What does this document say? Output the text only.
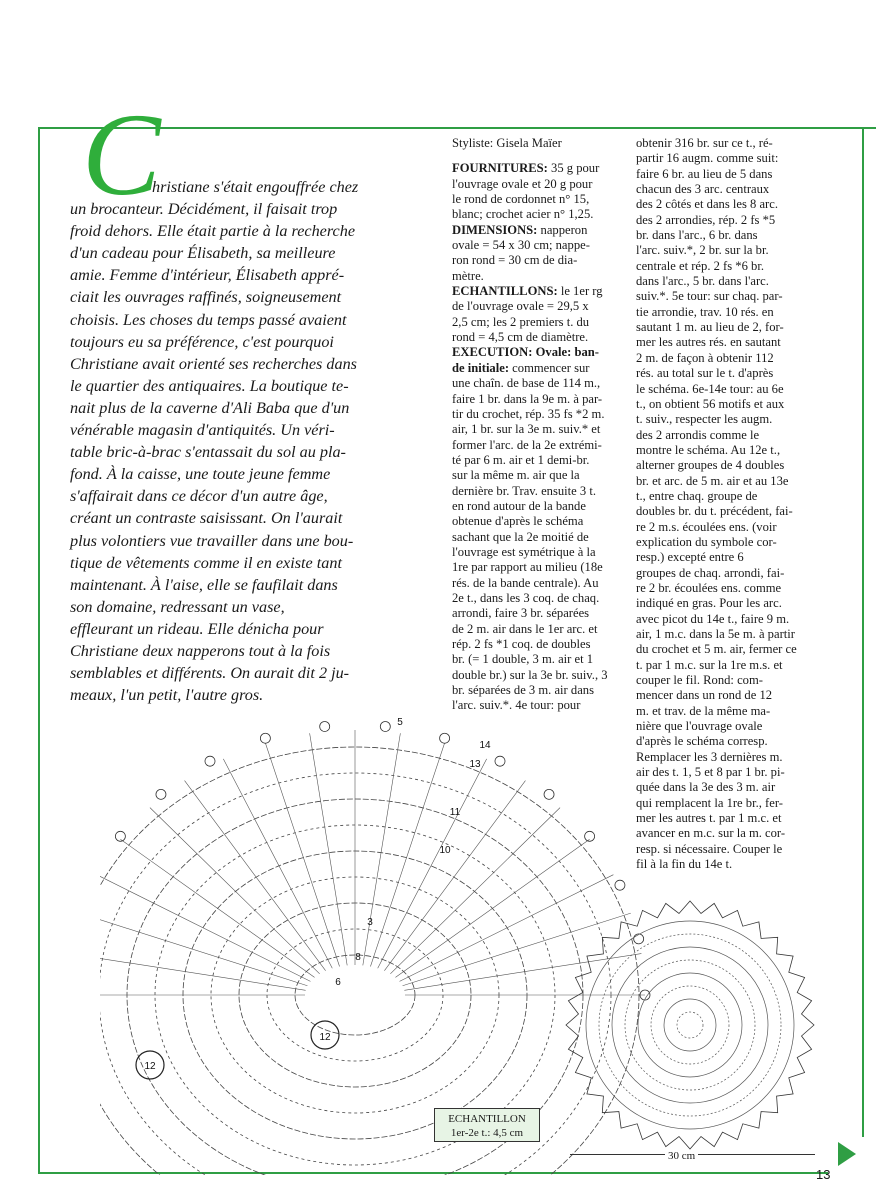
13
C
hristiane s'était engouffrée chez
un brocanteur. Décidément, il faisait trop
froid dehors. Elle était partie à la recherche
d'un cadeau pour Élisabeth, sa meilleure
amie. Femme d'intérieur, Élisabeth appré-
ciait les ouvrages raffinés, soigneusement
choisis. Les choses du temps passé avaient
toujours eu sa préférence, c'est pourquoi
Christiane avait orienté ses recherches dans
le quartier des antiquaires. La boutique te-
nait plus de la caverne d'Ali Baba que d'un
vénérable magasin d'antiquités. Un véri-
table bric-à-brac s'entassait du sol au pla-
fond. À la caisse, une toute jeune femme
s'affairait dans ce décor d'un autre âge,
créant un contraste saisissant. On l'aurait
plus volontiers vue travailler dans une bou-
tique de vêtements comme il en existe tant
maintenant. À l'aise, elle se faufilait dans
son domaine, redressant un vase,
effleurant un rideau. Elle dénicha pour
Christiane deux napperons tout à la fois
semblables et différents. On aurait dit 2 ju-
meaux, l'un petit, l'autre gros.

Styliste: Gisela Maïer

FOURNITURES: 35 g pour
l'ouvrage ovale et 20 g pour
le rond de cordonnet n° 15,
blanc; crochet acier n° 1,25.
DIMENSIONS: napperon
ovale = 54 x 30 cm; nappe-
ron rond = 30 cm de dia-
mètre.
ECHANTILLONS: le 1er rg
de l'ouvrage ovale = 29,5 x
2,5 cm; les 2 premiers t. du
rond = 4,5 cm de diamètre.
EXECUTION: Ovale: ban-
de initiale: commencer sur
une chaîn. de base de 114 m.,
faire 1 br. dans la 9e m. à par-
tir du crochet, rép. 35 fs *2 m.
air, 1 br. sur la 3e m. suiv.* et
former l'arc. de la 2e extrémi-
té par 6 m. air et 1 demi-br.
sur la même m. air que la
dernière br. Trav. ensuite 3 t.
en rond autour de la bande
obtenue d'après le schéma
sachant que la 2e moitié de
l'ouvrage est symétrique à la
1re par rapport au milieu (18e
rés. de la bande centrale). Au
2e t., dans les 3 coq. de chaq.
arrondi, faire 3 br. séparées
de 2 m. air dans le 1er arc. et
rép. 2 fs *1 coq. de doubles
br. (= 1 double, 3 m. air et 1
double br.) sur la 3e br. suiv., 3
br. séparées de 3 m. air dans
l'arc. suiv.*. 4e tour: pour
obtenir 316 br. sur ce t., ré-
partir 16 augm. comme suit:
faire 6 br. au lieu de 5 dans
chacun des 3 arc. centraux
des 2 côtés et dans les 8 arc.
des 2 arrondies, rép. 2 fs *5
br. dans l'arc., 6 br. dans
l'arc. suiv.*, 2 br. sur la br.
centrale et rép. 2 fs *6 br.
dans l'arc., 5 br. dans l'arc.
suiv.*. 5e tour: sur chaq. par-
tie arrondie, trav. 10 rés. en
sautant 1 m. au lieu de 2, for-
mer les autres rés. en sautant
2 m. de façon à obtenir 112
rés. au total sur le t. d'après
le schéma. 6e-14e tour: au 6e
t., on obtient 56 motifs et aux
t. suiv., respecter les augm.
des 2 arrondis comme le
montre le schéma. Au 12e t.,
alterner groupes de 4 doubles
br. et arc. de 5 m. air et au 13e
t., entre chaq. groupe de
doubles br. du t. précédent, fai-
re 2 m.s. écoulées ens. (voir
explication du symbole cor-
resp.) excepté entre 6
groupes de chaq. arrondi, fai-
re 2 br. écoulées ens. comme
indiqué en gras. Pour les arc.
avec picot du 14e t., faire 9 m.
air, 1 m.c. dans la 5e m. à partir
du crochet et 5 m. air, fermer ce
t. par 1 m.c. sur la 1re m.s. et
couper le fil. Rond: com-
mencer dans un rond de 12
m. et trav. de la même ma-
nière que l'ouvrage ovale
d'après le schéma corresp.
Remplacer les 3 dernières m.
air des t. 1, 5 et 8 par 1 br. pi-
quée dans la 3e des 3 m. air
qui remplacent la 1re br., fer-
mer les autres t. par 1 m.c. et
avancer en m.c. sur la m. cor-
resp. si nécessaire. Couper le
fil à la fin du 14e t.
5
13
14
11
10
8
6
3
12
12
ECHANTILLON
1er-2e t.: 4,5 cm
30 cm
